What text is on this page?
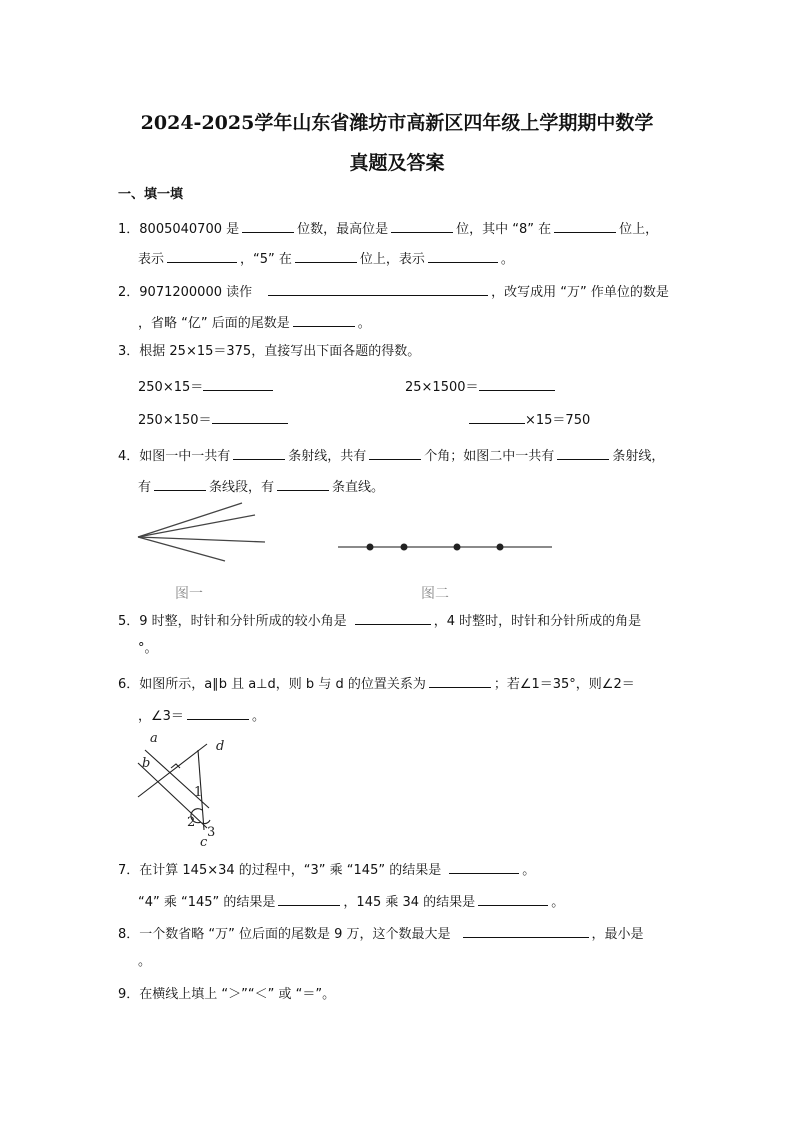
2024-2025学年山东省潍坊市高新区四年级上学期期中数学
真题及答案
一、填一填
1．8005040700 是	位数，最高位是	位，其中 “8” 在	位上，
表示	，“5” 在	位上，表示	。
2．9071200000 读作	，改写成用 “万” 作单位的数是
，省略 “亿” 后面的尾数是	。
3．根据 25×15＝375，直接写出下面各题的得数。
250×15＝	25×1500＝
250×150＝	×15＝750
4．如图一中一共有	条射线，共有	个角；如图二中一共有	条射线，
有	条线段，有	条直线。
图一	图二
5．9 时整，时针和分针所成的较小角是	，4 时整时，时针和分针所成的角是
°。
6．如图所示，a∥b 且 a⊥d，则 b 与 d 的位置关系为	；若∠1＝35°，则∠2＝
，∠3＝	。
a
b
c
d
1
2
3
7．在计算 145×34 的过程中，“3” 乘 “145” 的结果是	。
“4” 乘 “145” 的结果是	，145 乘 34 的结果是	。
8．一个数省略 “万” 位后面的尾数是 9 万，这个数最大是	，最小是
。
9．在横线上填上 “＞”“＜” 或 “＝”。
